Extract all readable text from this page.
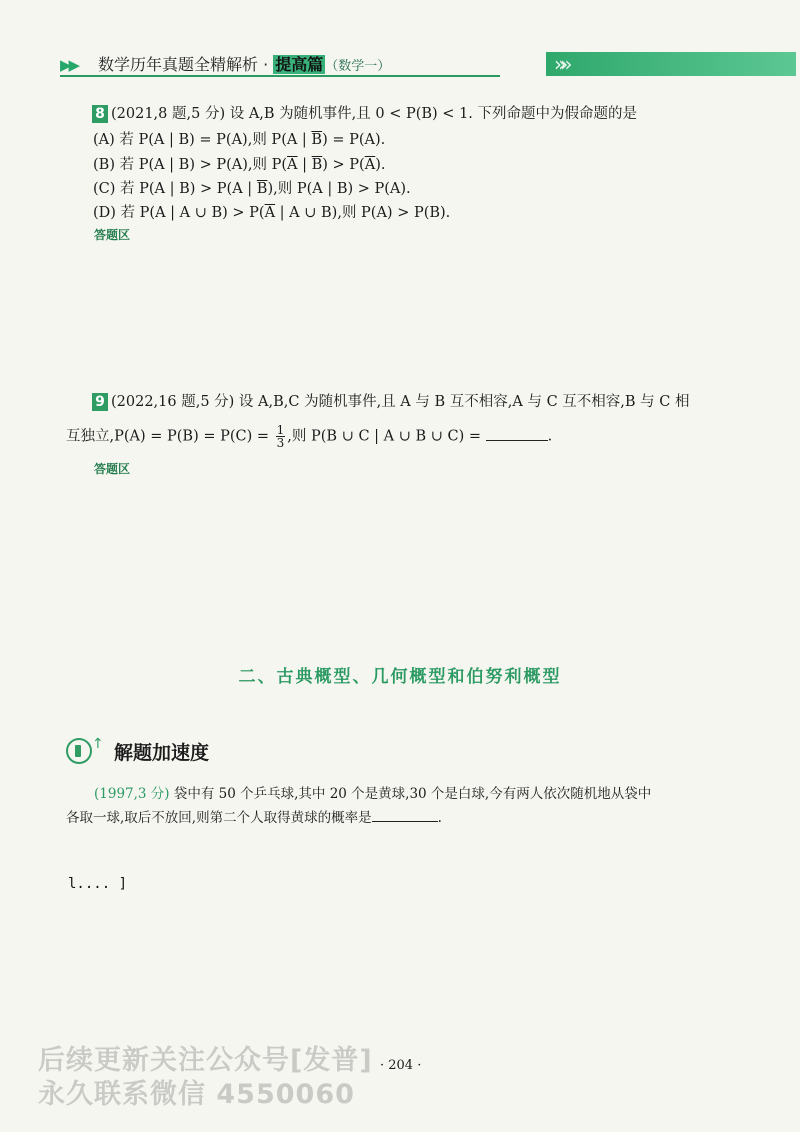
▶▶ 数学历年真题全精解析 · 提高篇 （数学一）	»»
8 (2021,8 题,5 分) 设 A,B 为随机事件,且 0 < P(B) < 1. 下列命题中为假命题的是
(A) 若 P(A | B) = P(A),则 P(A | $\overline{B}) = P(A)$.
(B) 若 P(A | B) > P(A),则 $P(\overline{A}$ | $\overline{B}) > P(\overline{A})$.
(C) 若 P(A | B) > P(A | $\overline{B}$),则 P(A | B) > P(A).
(D) 若 P(A | A ∪ $B) > P(\overline{A}$ | A ∪ B),则 P(A) > P(B).
答题区
9 (2022,16 题,5 分) 设 A,B,C 为随机事件,且 A 与 B 互不相容,A 与 C 互不相容,B 与 C 相
互独立$,P(A) = P(B) = P(C) = \frac{1}{3}$ ,则 P(B ∪ C | A ∪ B ∪ C) =	.
答题区
二、古典概型、几何概型和伯努利概型
↑ 解题加速度
(1997,3 分) 袋中有 50 个乒乓球,其中 20 个是黄球,30 个是白球,今有两人依次随机地从袋中
各取一球,取后不放回,则第二个人取得黄球的概率是	.
l.... ]
· 204 ·
后续更新关注公众号[发普]
永久联系微信 4550060
